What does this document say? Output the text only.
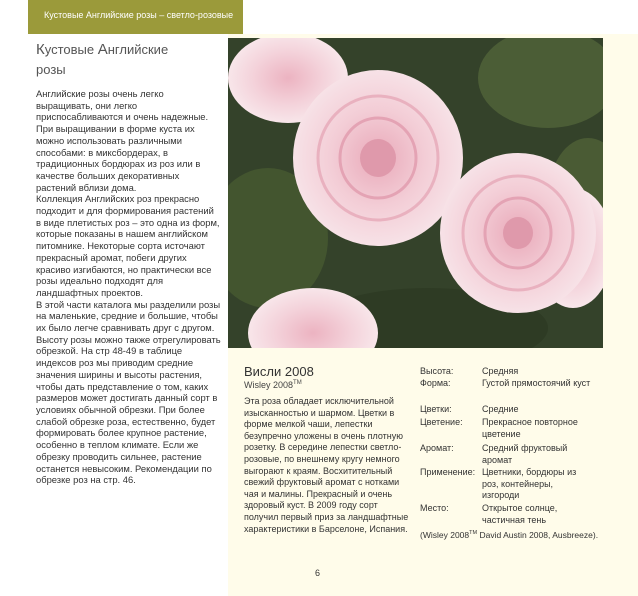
Кустовые Английские розы – светло-розовые
Кустовые Английские
розы

Английские розы очень легко выращивать, они легко приспосабливаются и очень надежные. При выращивании в форме куста их можно использовать различными способами: в миксбордерах, в традиционных бордюрах из роз или в качестве больших декоративных растений вблизи дома.

Коллекция Английских роз прекрасно подходит и для формирования растений в виде плетистых роз – это одна из форм, которые показаны в нашем английском питомнике. Некоторые сорта источают прекрасный аромат, побеги других красиво изгибаются, но практически все розы идеально подходят для ландшафтных проектов.

В этой части каталога мы разделили розы на маленькие, средние и большие, чтобы их было легче сравнивать друг с другом. Высоту розы можно также отрегулировать обрезкой. На стр 48-49 в таблице индексов роз мы приводим средние значения ширины и высоты растения, чтобы дать представление о том, каких размеров может достигать данный сорт в условиях обычной обрезки. При более слабой обрезке роза, естественно, будет формировать более крупное растение, особенно в теплом климате. Если же обрезку проводить сильнее, растение останется невысоким. Рекомендации по обрезке роз на стр. 46.

Висли 2008
Wisley 2008™
Эта роза обладает исключительной изысканностью и шармом. Цветки в форме мелкой чаши, лепестки безупречно уложены в очень плотную розетку. В середине лепестки светло-розовые, по внешнему кругу немного выгорают к краям. Восхитительный свежий фруктовый аромат с нотками чая и малины. Прекрасный и очень здоровый куст. В 2009 году сорт получил первый приз за ландшафтные характеристики в Барселоне, Испания.
Высота:	Средняя
Форма:	Густой прямостоячий куст
Цветки:	Средние
Цветение:	Прекрасное повторное цветение
Аромат:	Средний фруктовый аромат
Применение: Цветники, бордюры из роз, контейнеры, изгороди
Место:	Открытое солнце, частичная тень
(Wisley 2008™ David Austin 2008, Ausbreeze).
6
